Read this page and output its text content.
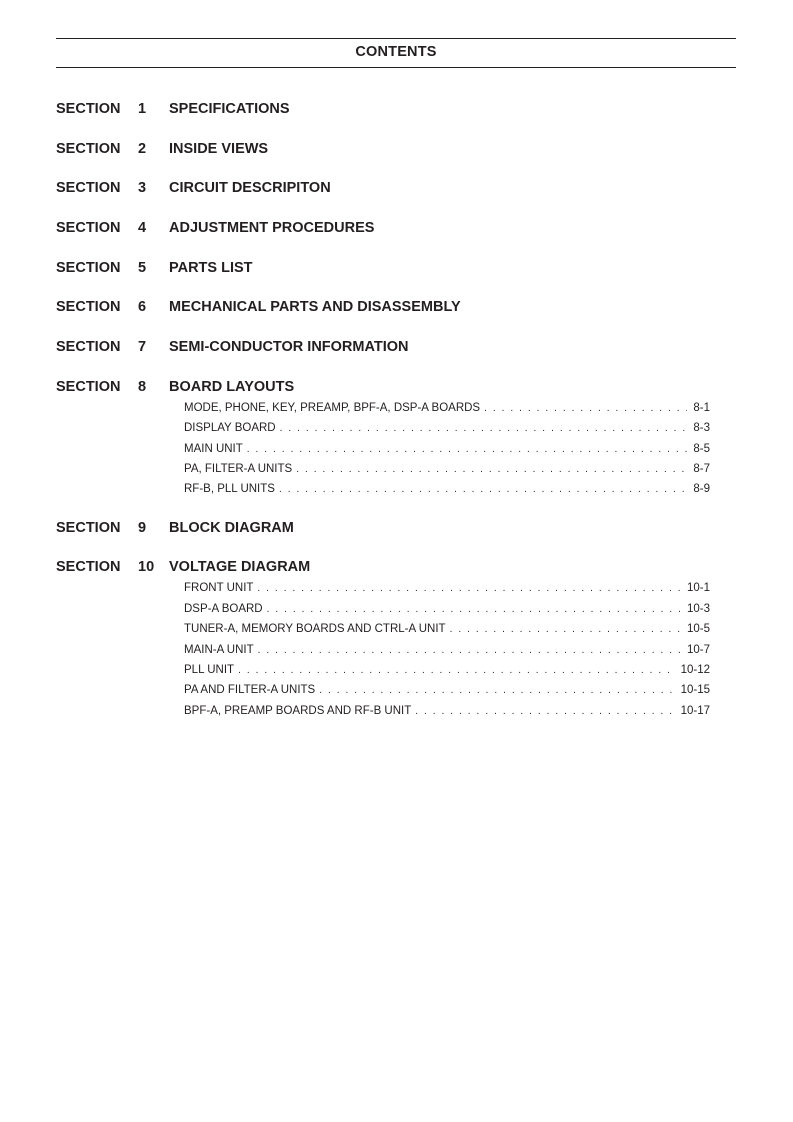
CONTENTS
SECTION 1 SPECIFICATIONS
SECTION 2 INSIDE VIEWS
SECTION 3 CIRCUIT DESCRIPITON
SECTION 4 ADJUSTMENT PROCEDURES
SECTION 5 PARTS LIST
SECTION 6 MECHANICAL PARTS AND DISASSEMBLY
SECTION 7 SEMI-CONDUCTOR INFORMATION
SECTION 8 BOARD LAYOUTS
MODE, PHONE, KEY, PREAMP, BPF-A, DSP-A BOARDS . . .	8-1
DISPLAY BOARD . . .	8-3
MAIN UNIT . . .	8-5
PA, FILTER-A UNITS . . .	8-7
RF-B, PLL UNITS . . .	8-9
SECTION 9 BLOCK DIAGRAM
SECTION 10 VOLTAGE DIAGRAM
FRONT UNIT . . .	10-1
DSP-A BOARD . . .	10-3
TUNER-A, MEMORY BOARDS AND CTRL-A UNIT . . .	10-5
MAIN-A UNIT . . .	10-7
PLL UNIT . . .	10-12
PA AND FILTER-A UNITS . . .	10-15
BPF-A, PREAMP BOARDS AND RF-B UNIT . . .	10-17
